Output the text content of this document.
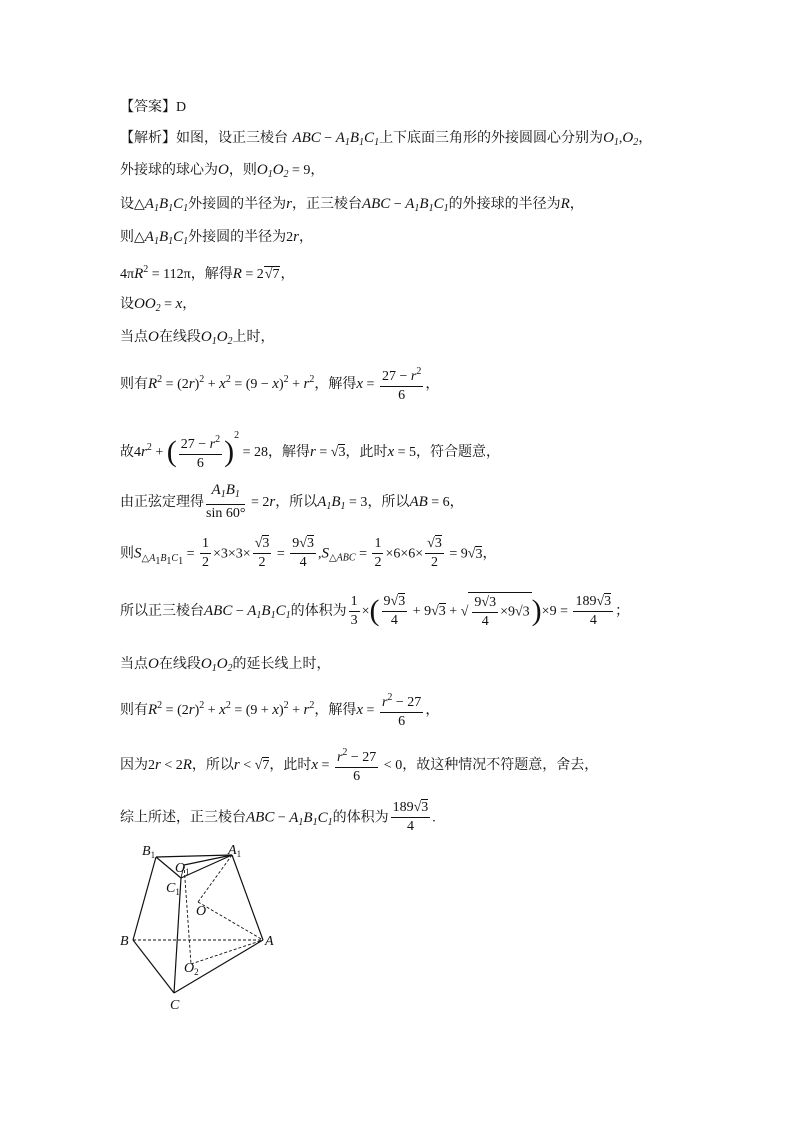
【答案】D
【解析】如图，设正三棱台 ABC − $A_1B_1C_1$上下底面三角形的外接圆圆心分别为$O_1,O_2$，
外接球的球心为O，则$O_1O_2 = 9$，
设$\triangle A_1B_1C_1$外接圆的半径为r，正三棱台ABC − $A_1B_1C_1$的外接球的半径为R，
则$\triangle A_1B_1C_1$外接圆的半径为2r，
$4\pi R^2 = 112\pi$，解得R = 2√7，
设$OO_2 = x$，
当点O在线段$O_1O_2$上时，
则有$R^2 = (2r)^2 + x^2 = (9 - x)^2 + r^2$，解得$x = \frac{27 - r^2}{6}$ ，
故$4r^2$ + ( $\frac{27 - r^2}{6} )^2 = 28$，解得r = √3，此时x = 5，符合题意，
由正弦定理得 $\frac{A_1B_1}{\sin 60^\circ} = 2r$，所以$A_1B_1 = 3$，所以AB = 6，
则$S_{\triangle A_1B_1C_1} = \frac{1}{2} \times 3\times 3\times \frac{√3}{2} = \frac{9√3}{4} ,S_{\triangle ABC} = \frac{1}{2} \times 6\times 6\times \frac{√3}{2} = 9√3$，
所以正三棱台ABC − $A_1B_1C_1$的体积为 $\frac{1}{3}$ ×( $\frac{9√3}{4} + 9√3$ + √ $\frac{9√3}{4} \times 9√3)\times 9 = \frac{189√3}{4}$ ；
当点O在线段$O_1O_2$的延长线上时，
则有$R^2 = (2r)^2 + x^2 = (9 + x)^2 + r^2$，解得$x = \frac{r^2 - 27}{6}$ ，
因为2r < 2R，所以r < √7，此时$x = \frac{r^2 - 27}{6} < 0$，故这种情况不符题意，舍去，
综上所述，正三棱台ABC − $A_1B_1C_1$的体积为 $\frac{189√3}{4}$ .
$B_1$	$A_1$
$O_1$
$C_1$
O
B	A
$O_2$
C
